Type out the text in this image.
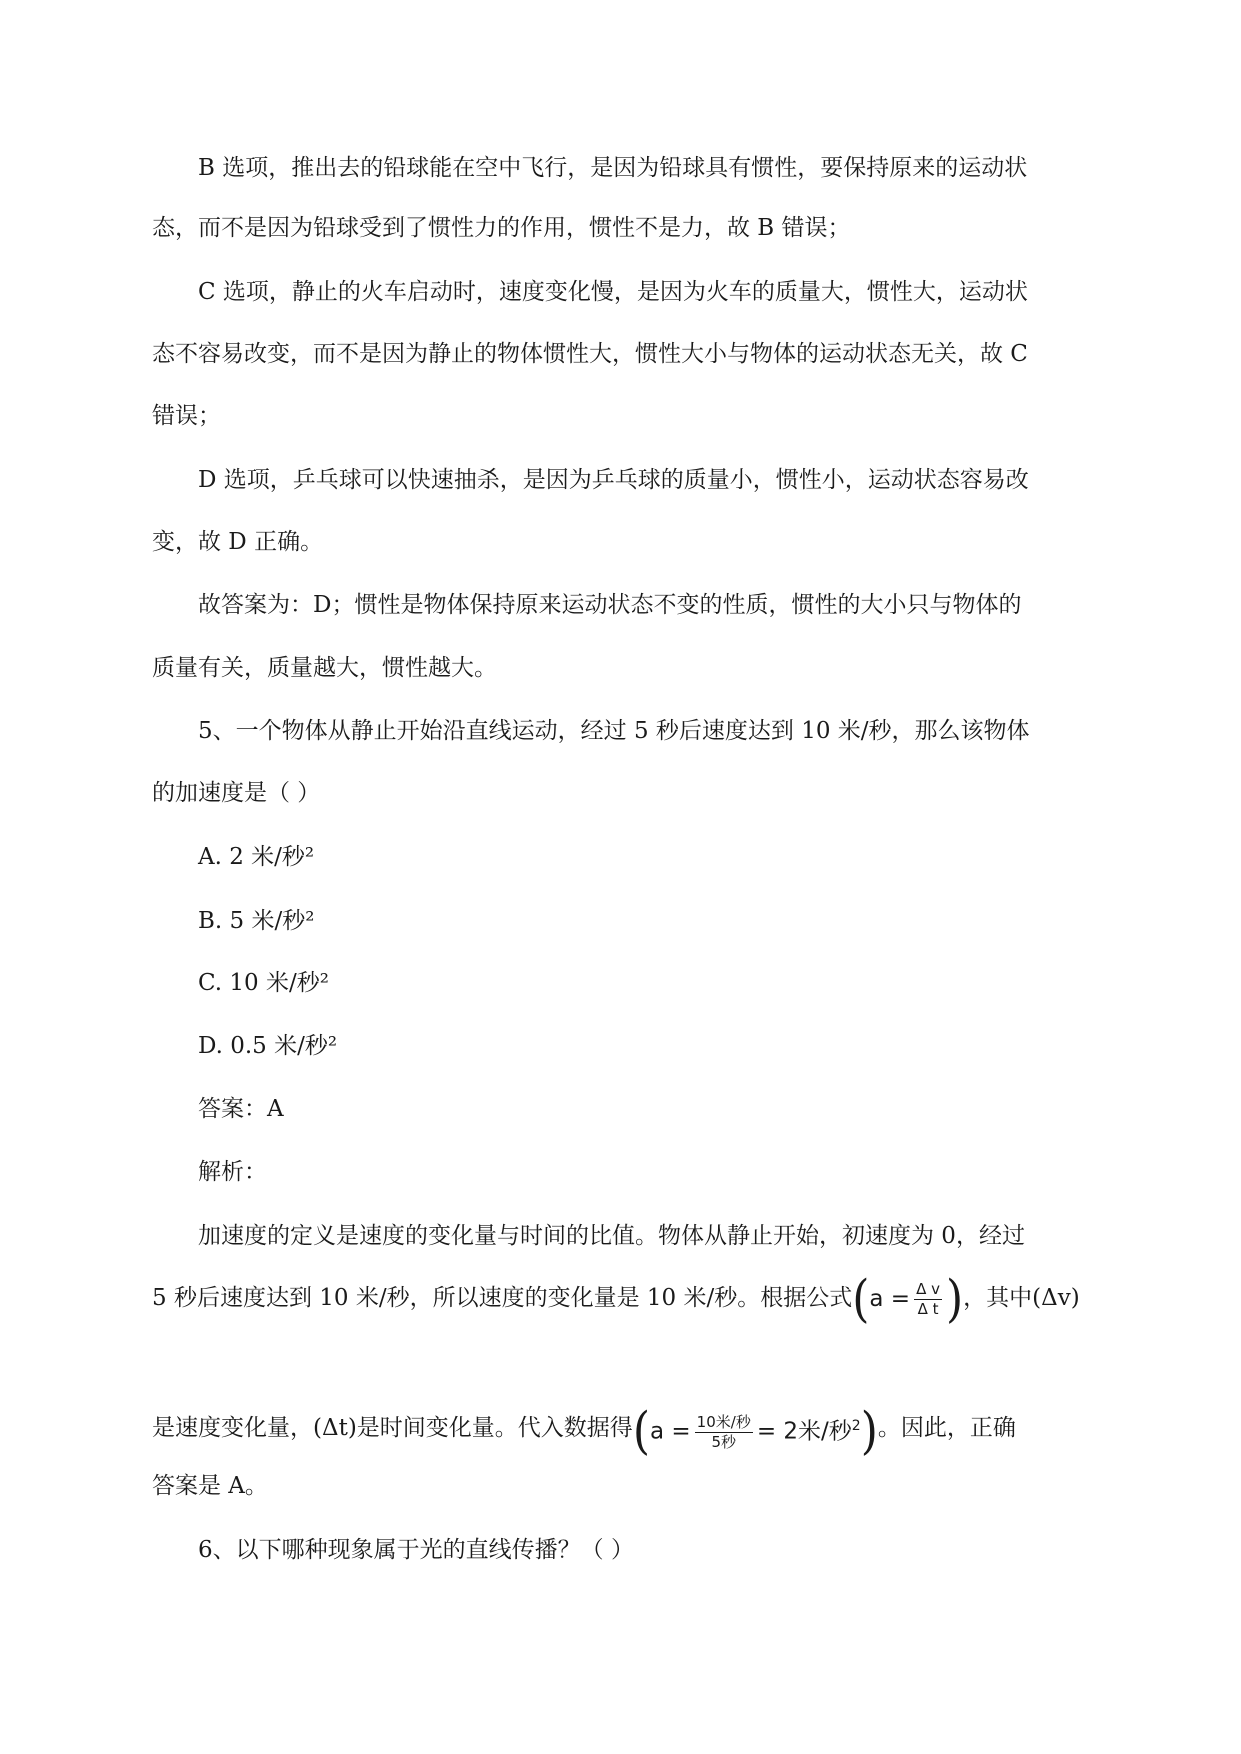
B 选项，推出去的铅球能在空中飞行，是因为铅球具有惯性，要保持原来的运动状
态，而不是因为铅球受到了惯性力的作用，惯性不是力，故 B 错误；
C 选项，静止的火车启动时，速度变化慢，是因为火车的质量大，惯性大，运动状
态不容易改变，而不是因为静止的物体惯性大，惯性大小与物体的运动状态无关，故 C
错误；
D 选项，乒乓球可以快速抽杀，是因为乒乓球的质量小，惯性小，运动状态容易改
变，故 D 正确。
故答案为：D；惯性是物体保持原来运动状态不变的性质，惯性的大小只与物体的
质量有关，质量越大，惯性越大。
5、一个物体从静止开始沿直线运动，经过 5 秒后速度达到 10 米/秒，那么该物体
的加速度是（ ）
A. 2 米/秒²
B. 5 米/秒²
C. 10 米/秒²
D. 0.5 米/秒²
答案：A
解析：
加速度的定义是速度的变化量与时间的比值。物体从静止开始，初速度为 0，经过
5 秒后速度达到 10 米/秒，所以速度的变化量是 10 米/秒。根据公式($a = \frac{\text{Δ v}}{\text{Δ t}}$ )，其中(Δv)
是速度变化量，(Δt)是时间变化量。代入数据得($a = \frac{\text{10米/秒}}{\text{5秒}} = 2$米/秒$^2$)。因此，正确
答案是 A。
6、以下哪种现象属于光的直线传播？（ ）
